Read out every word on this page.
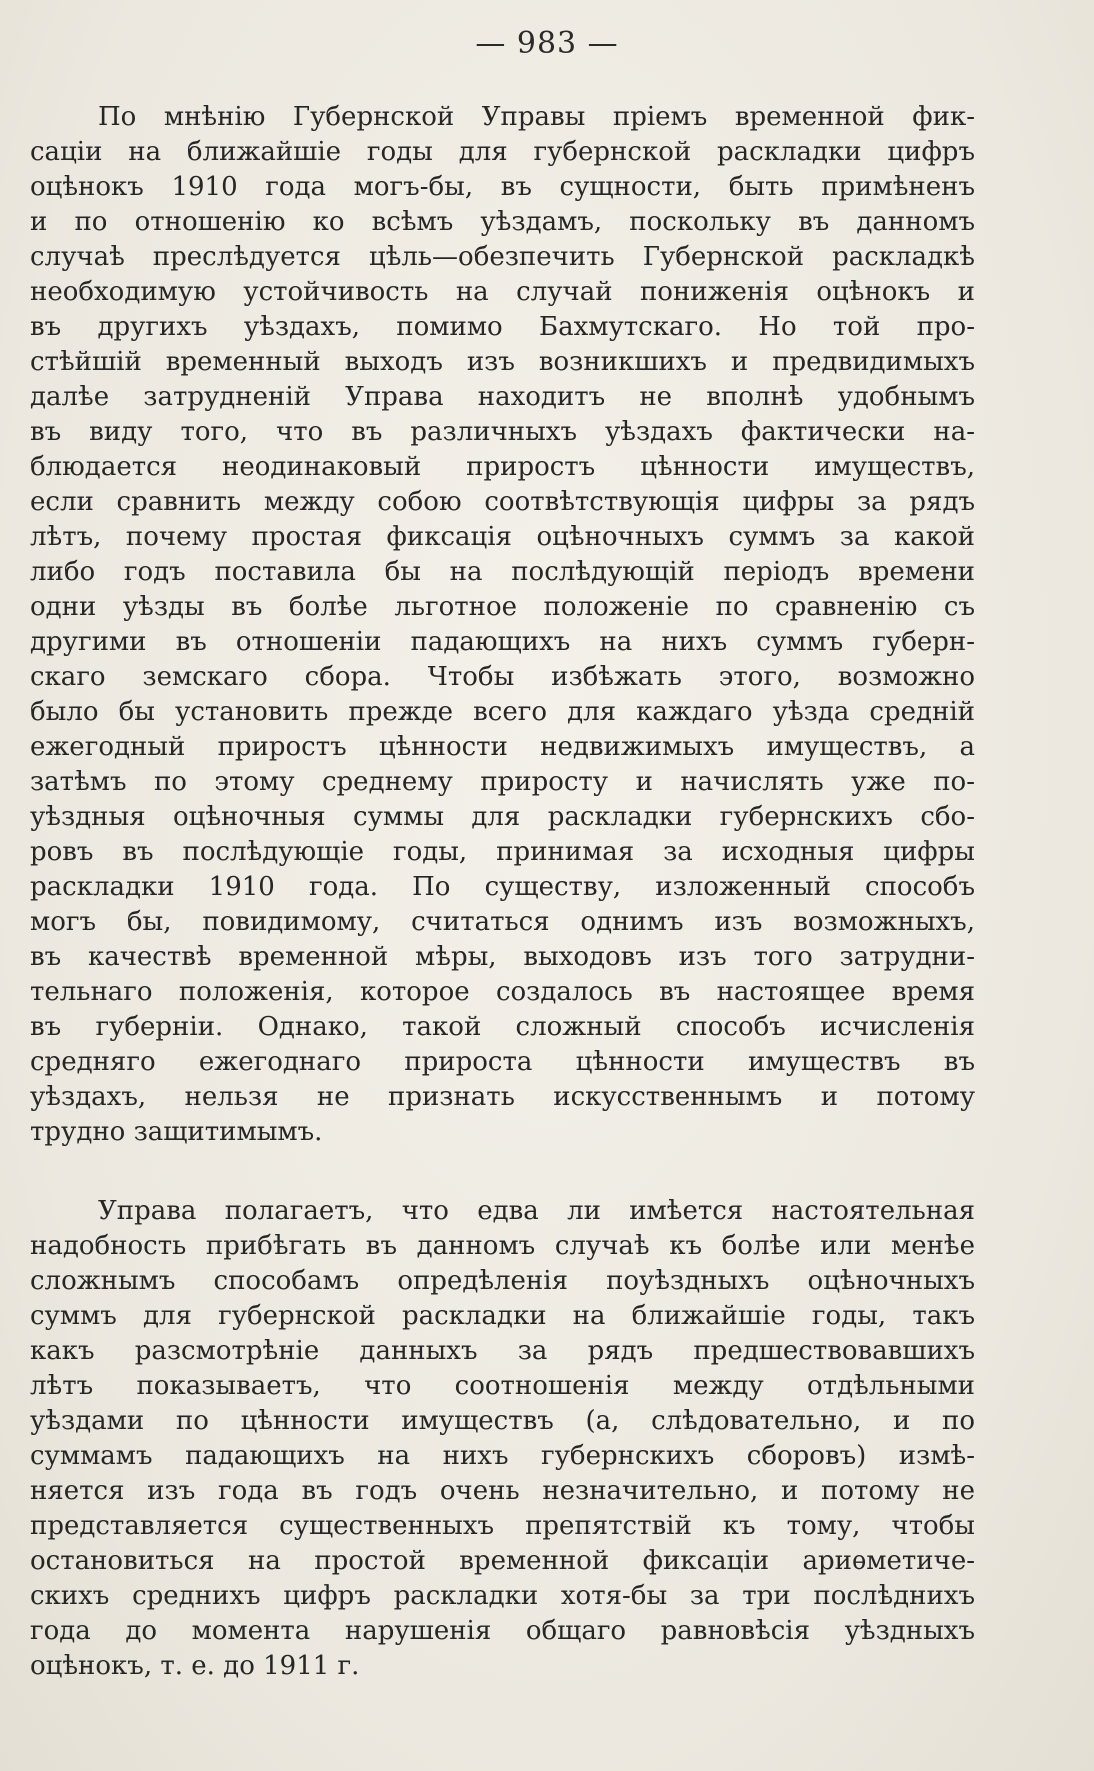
— 983 —
По мнѣнію Губернской Управы пріемъ временной фик-
саціи на ближайшіе годы для губернской раскладки цифръ
оцѣнокъ 1910 года могъ-бы, въ сущности, быть примѣненъ
и по отношенію ко всѣмъ уѣздамъ, поскольку въ данномъ
случаѣ преслѣдуется цѣль—обезпечить Губернской раскладкѣ
необходимую устойчивость на случай пониженія оцѣнокъ и
въ другихъ уѣздахъ, помимо Бахмутскаго. Но той про-
стѣйшій временный выходъ изъ возникшихъ и предвидимыхъ
далѣе затрудненій Управа находитъ не вполнѣ удобнымъ
въ виду того, что въ различныхъ уѣздахъ фактически на-
блюдается неодинаковый приростъ цѣнности имуществъ,
если сравнить между собою соотвѣтствующія цифры за рядъ
лѣтъ, почему простая фиксація оцѣночныхъ суммъ за какой
либо годъ поставила бы на послѣдующій періодъ времени
одни уѣзды въ болѣе льготное положеніе по сравненію съ
другими въ отношеніи падающихъ на нихъ суммъ губерн-
скаго земскаго сбора. Чтобы избѣжать этого, возможно
было бы установить прежде всего для каждаго уѣзда средній
ежегодный приростъ цѣнности недвижимыхъ имуществъ, а
затѣмъ по этому среднему приросту и начислять уже по-
уѣздныя оцѣночныя суммы для раскладки губернскихъ сбо-
ровъ въ послѣдующіе годы, принимая за исходныя цифры
раскладки 1910 года. По существу, изложенный способъ
могъ бы, повидимому, считаться однимъ изъ возможныхъ,
въ качествѣ временной мѣры, выходовъ изъ того затрудни-
тельнаго положенія, которое создалось въ настоящее время
въ губерніи. Однако, такой сложный способъ исчисленія
средняго ежегоднаго прироста цѣнности имуществъ въ
уѣздахъ, нельзя не признать искусственнымъ и потому
трудно защитимымъ.
Управа полагаетъ, что едва ли имѣется настоятельная
надобность прибѣгать въ данномъ случаѣ къ болѣе или менѣе
сложнымъ способамъ опредѣленія поуѣздныхъ оцѣночныхъ
суммъ для губернской раскладки на ближайшіе годы, такъ
какъ разсмотрѣніе данныхъ за рядъ предшествовавшихъ
лѣтъ показываетъ, что соотношенія между отдѣльными
уѣздами по цѣнности имуществъ (а, слѣдовательно, и по
суммамъ падающихъ на нихъ губернскихъ сборовъ) измѣ-
няется изъ года въ годъ очень незначительно, и потому не
представляется существенныхъ препятствій къ тому, чтобы
остановиться на простой временной фиксаціи ариѳметиче-
скихъ среднихъ цифръ раскладки хотя-бы за три послѣднихъ
года до момента нарушенія общаго равновѣсія уѣздныхъ
оцѣнокъ, т. е. до 1911 г.
